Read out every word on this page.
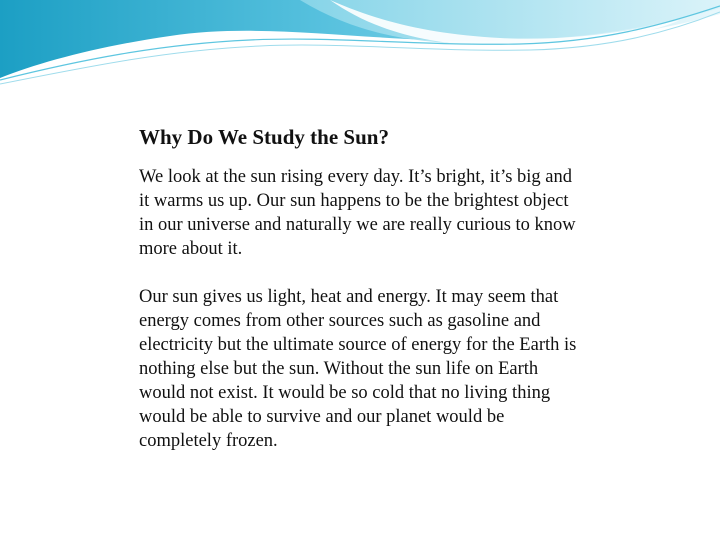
Why Do We Study the Sun?

We look at the sun rising every day. It’s bright, it’s big and it warms us up. Our sun happens to be the brightest object in our universe and naturally we are really curious to know more about it.

Our sun gives us light, heat and energy. It may seem that energy comes from other sources such as gasoline and electricity but the ultimate source of energy for the Earth is nothing else but the sun. Without the sun life on Earth would not exist. It would be so cold that no living thing would be able to survive and our planet would be completely frozen.
